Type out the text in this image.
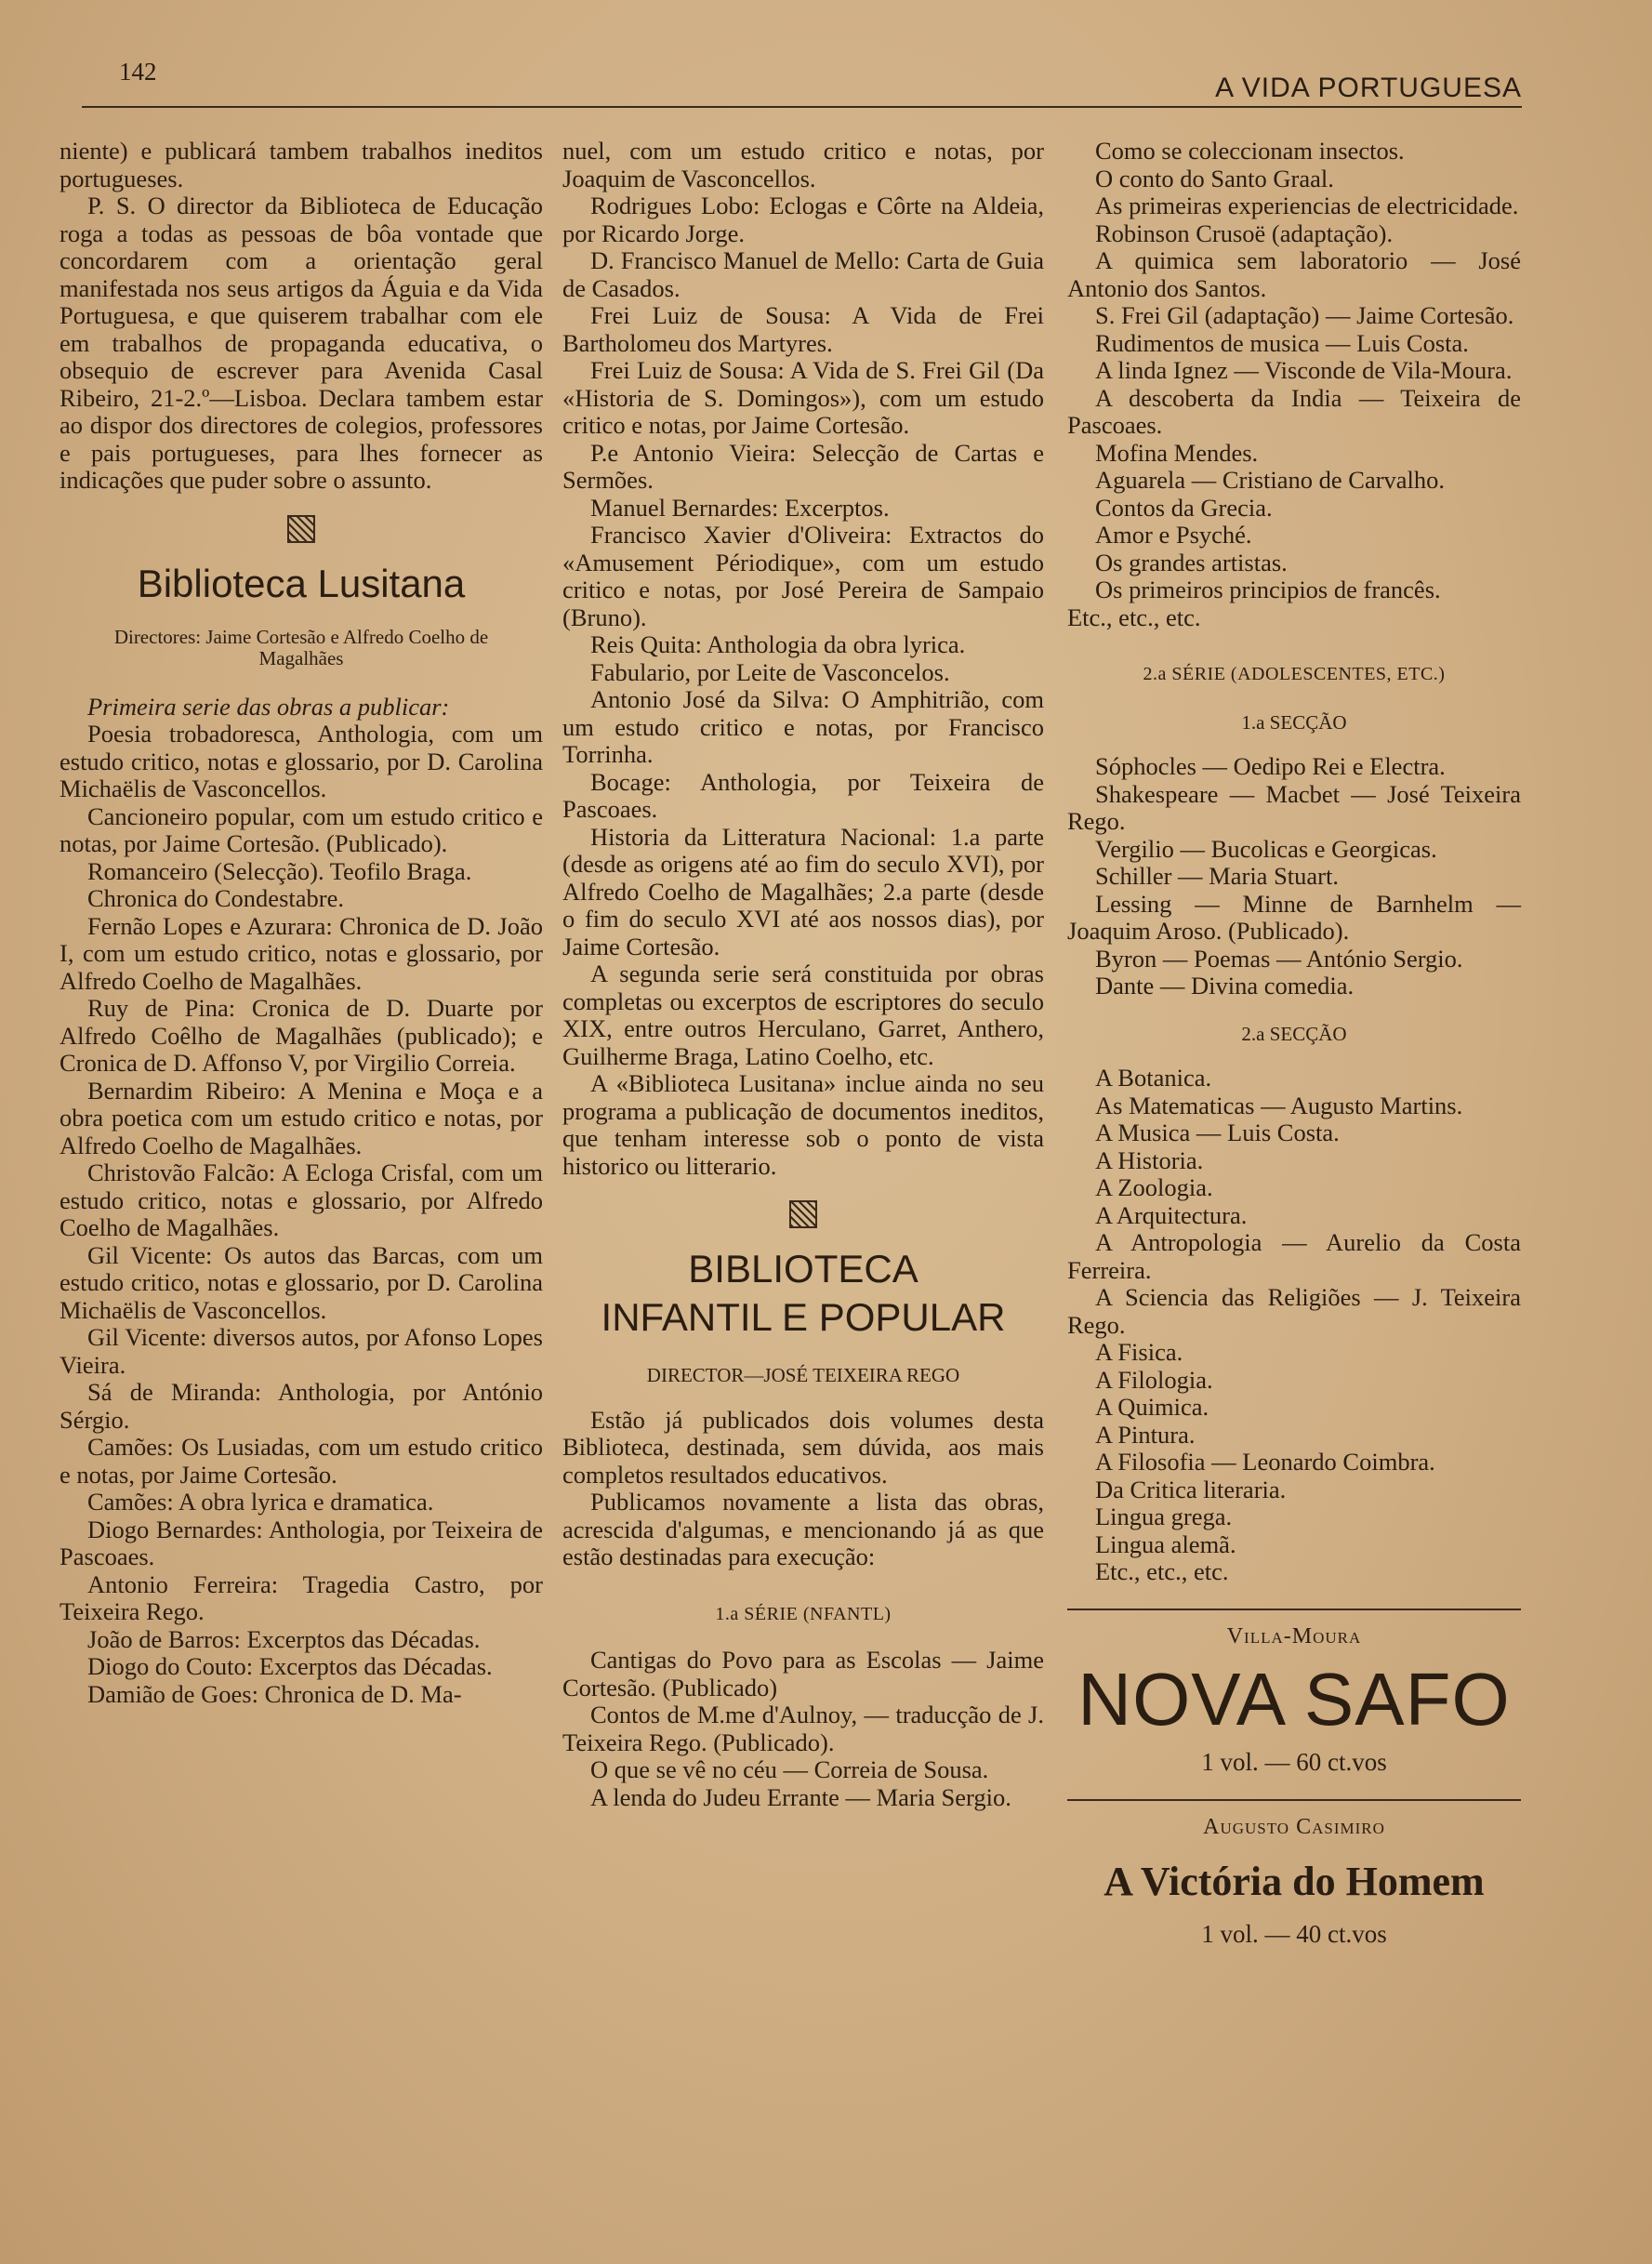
142
A VIDA PORTUGUESA

niente) e publicará tambem trabalhos ineditos portugueses.

P. S. O director da Biblioteca de Educação roga a todas as pessoas de bôa vontade que concordarem com a orientação geral manifestada nos seus artigos da Águia e da Vida Portuguesa, e que quiserem trabalhar com ele em trabalhos de propaganda educativa, o obsequio de escrever para Avenida Casal Ribeiro, 21-2.º—Lisboa. Declara tambem estar ao dispor dos directores de colegios, professores e pais portugueses, para lhes fornecer as indicações que puder sobre o assunto.

Biblioteca Lusitana
Directores: Jaime Cortesão e Alfredo Coelho de Magalhães

Primeira serie das obras a publicar:

Poesia trobadoresca, Anthologia, com um estudo critico, notas e glossario, por D. Carolina Michaëlis de Vasconcellos.

Cancioneiro popular, com um estudo critico e notas, por Jaime Cortesão. (Publicado).

Romanceiro (Selecção). Teofilo Braga.

Chronica do Condestabre.

Fernão Lopes e Azurara: Chronica de D. João I, com um estudo critico, notas e glossario, por Alfredo Coelho de Magalhães.

Ruy de Pina: Cronica de D. Duarte por Alfredo Coêlho de Magalhães (publicado); e Cronica de D. Affonso V, por Virgilio Correia.

Bernardim Ribeiro: A Menina e Moça e a obra poetica com um estudo critico e notas, por Alfredo Coelho de Magalhães.

Christovão Falcão: A Ecloga Crisfal, com um estudo critico, notas e glossario, por Alfredo Coelho de Magalhães.

Gil Vicente: Os autos das Barcas, com um estudo critico, notas e glossario, por D. Carolina Michaëlis de Vasconcellos.

Gil Vicente: diversos autos, por Afonso Lopes Vieira.

Sá de Miranda: Anthologia, por António Sérgio.

Camões: Os Lusiadas, com um estudo critico e notas, por Jaime Cortesão.

Camões: A obra lyrica e dramatica.

Diogo Bernardes: Anthologia, por Teixeira de Pascoaes.

Antonio Ferreira: Tragedia Castro, por Teixeira Rego.

João de Barros: Excerptos das Décadas.

Diogo do Couto: Excerptos das Décadas.

Damião de Goes: Chronica de D. Ma-

nuel, com um estudo critico e notas, por Joaquim de Vasconcellos.

Rodrigues Lobo: Eclogas e Côrte na Aldeia, por Ricardo Jorge.

D. Francisco Manuel de Mello: Carta de Guia de Casados.

Frei Luiz de Sousa: A Vida de Frei Bartholomeu dos Martyres.

Frei Luiz de Sousa: A Vida de S. Frei Gil (Da «Historia de S. Domingos»), com um estudo critico e notas, por Jaime Cortesão.

P.e Antonio Vieira: Selecção de Cartas e Sermões.

Manuel Bernardes: Excerptos.

Francisco Xavier d'Oliveira: Extractos do «Amusement Périodique», com um estudo critico e notas, por José Pereira de Sampaio (Bruno).

Reis Quita: Anthologia da obra lyrica.

Fabulario, por Leite de Vasconcelos.

Antonio José da Silva: O Amphitrião, com um estudo critico e notas, por Francisco Torrinha.

Bocage: Anthologia, por Teixeira de Pascoaes.

Historia da Litteratura Nacional: 1.a parte (desde as origens até ao fim do seculo XVI), por Alfredo Coelho de Magalhães; 2.a parte (desde o fim do seculo XVI até aos nossos dias), por Jaime Cortesão.

A segunda serie será constituida por obras completas ou excerptos de escriptores do seculo XIX, entre outros Herculano, Garret, Anthero, Guilherme Braga, Latino Coelho, etc.

A «Biblioteca Lusitana» inclue ainda no seu programa a publicação de documentos ineditos, que tenham interesse sob o ponto de vista historico ou litterario.

BIBLIOTECA
INFANTIL E POPULAR
DIRECTOR—JOSÉ TEIXEIRA REGO

Estão já publicados dois volumes desta Biblioteca, destinada, sem dúvida, aos mais completos resultados educativos.

Publicamos novamente a lista das obras, acrescida d'algumas, e mencionando já as que estão destinadas para execução:

1.a SÉRIE (NFANTL)

Cantigas do Povo para as Escolas — Jaime Cortesão. (Publicado)

Contos de M.me d'Aulnoy, — traducção de J. Teixeira Rego. (Publicado).

O que se vê no céu — Correia de Sousa.

A lenda do Judeu Errante — Maria Sergio.

Como se coleccionam insectos.

O conto do Santo Graal.

As primeiras experiencias de electricidade.

Robinson Crusoë (adaptação).

A quimica sem laboratorio — José Antonio dos Santos.

S. Frei Gil (adaptação) — Jaime Cortesão.

Rudimentos de musica — Luis Costa.

A linda Ignez — Visconde de Vila-Moura.

A descoberta da India — Teixeira de Pascoaes.

Mofina Mendes.

Aguarela — Cristiano de Carvalho.

Contos da Grecia.

Amor e Psyché.

Os grandes artistas.

Os primeiros principios de francês.

Etc., etc., etc.

2.a SÉRIE (ADOLESCENTES, ETC.)
1.a SECÇÃO

Sóphocles — Oedipo Rei e Electra.

Shakespeare — Macbet — José Teixeira Rego.

Vergilio — Bucolicas e Georgicas.

Schiller — Maria Stuart.

Lessing — Minne de Barnhelm — Joaquim Aroso. (Publicado).

Byron — Poemas — António Sergio.

Dante — Divina comedia.

2.a SECÇÃO

A Botanica.

As Matematicas — Augusto Martins.

A Musica — Luis Costa.

A Historia.

A Zoologia.

A Arquitectura.

A Antropologia — Aurelio da Costa Ferreira.

A Sciencia das Religiões — J. Teixeira Rego.

A Fisica.

A Filologia.

A Quimica.

A Pintura.

A Filosofia — Leonardo Coimbra.

Da Critica literaria.

Lingua grega.

Lingua alemã.

Etc., etc., etc.

Villa-Moura
NOVA SAFO
1 vol. — 60 ct.vos
Augusto Casimiro
A Victória do Homem
1 vol. — 40 ct.vos
